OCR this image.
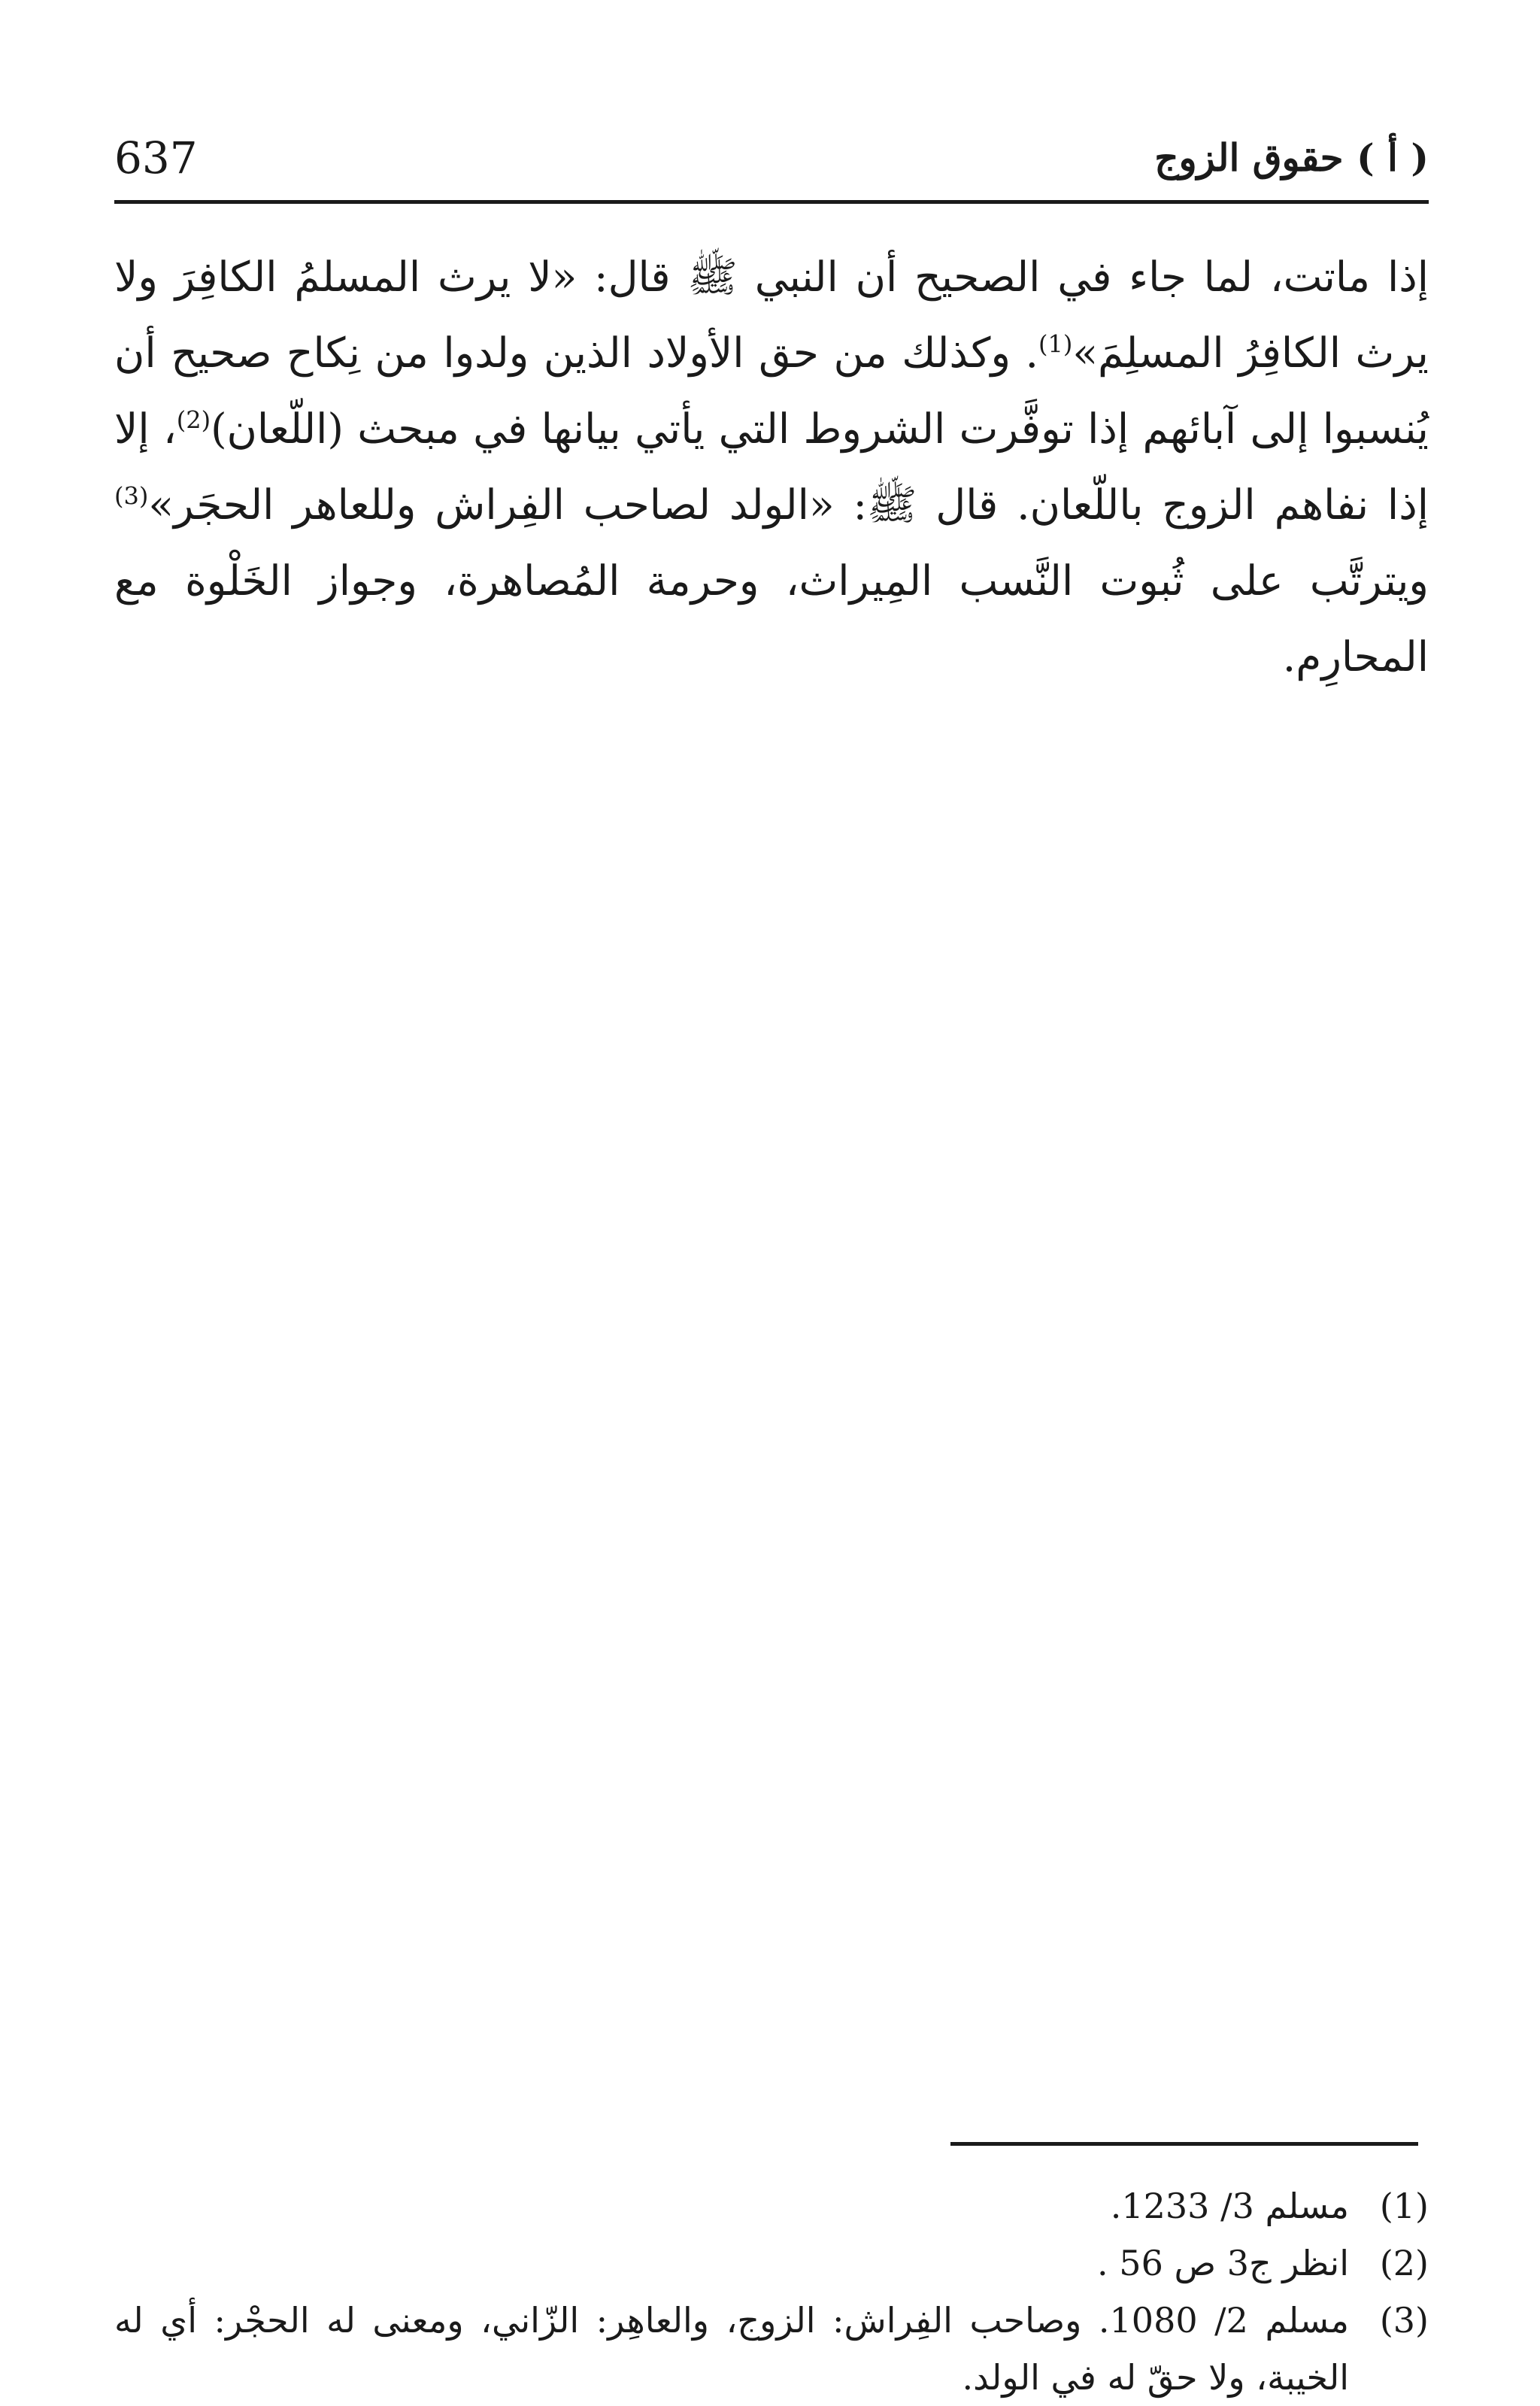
637	( أ ) حقوق الزوج
إذا ماتت، لما جاء في الصحيح أن النبي ﷺ قال: «لا يرث المسلمُ الكافِرَ ولا يرث الكافِرُ المسلِمَ»$^{(1)}$. وكذلك من حق الأولاد الذين ولدوا من نِكاح صحيح أن يُنسبوا إلى آبائهم إذا توفَّرت الشروط التي يأتي بيانها في مبحث (اللّعان)$^{(2)}$، إلا إذا نفاهم الزوج باللّعان. قال ﷺ: «الولد لصاحب الفِراش وللعاهر الحجَر»$^{(3)}$ ويترتَّب على ثُبوت النَّسب المِيراث، وحرمة المُصاهرة، وجواز الخَلْوة مع المحارِم.
(1)
مسلم 3/ 1233.
(2)
انظر ج3 ص 56 .
(3)
مسلم 2/ 1080. وصاحب الفِراش: الزوج، والعاهِر: الزّاني، ومعنى له الحجْر: أي له الخيبة، ولا حقّ له في الولد.
